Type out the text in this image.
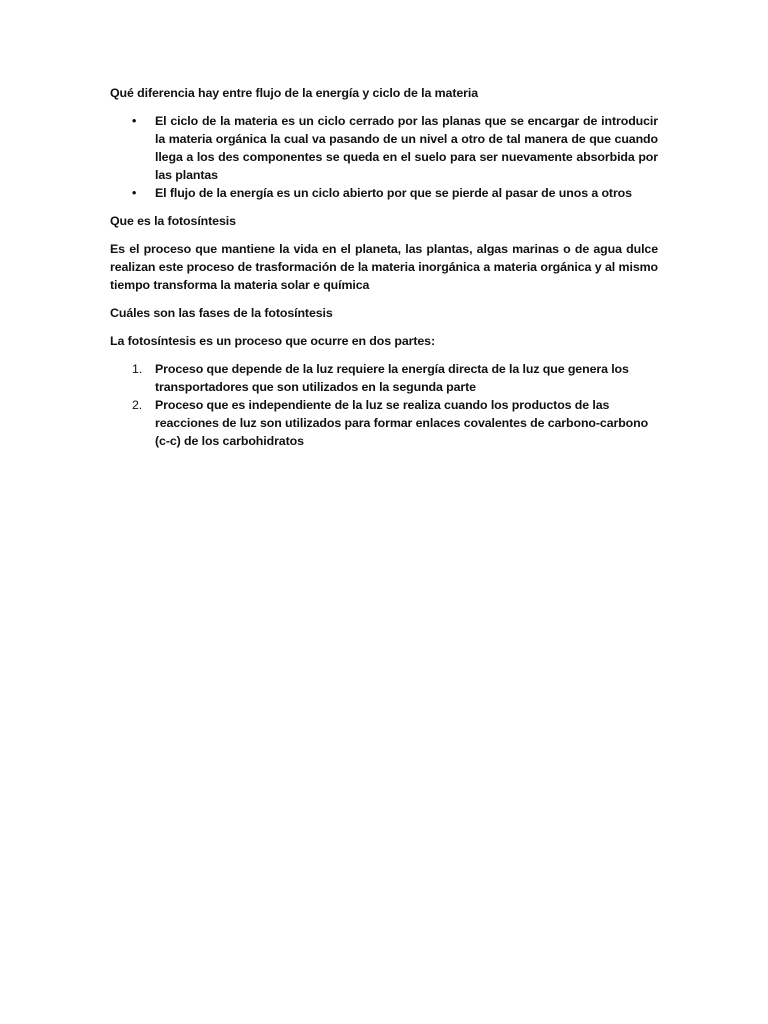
Qué diferencia hay entre flujo de la energía y ciclo de la materia

• El ciclo de la materia es un ciclo cerrado por las planas que se encargar de introducir la materia orgánica la cual va pasando de un nivel a otro de tal manera de que cuando llega a los des componentes se queda en el suelo para ser nuevamente absorbida por las plantas
• El flujo de la energía es un ciclo abierto por que se pierde al pasar de unos a otros

Que es la fotosíntesis

Es el proceso que mantiene la vida en el planeta, las plantas, algas marinas o de agua dulce realizan este proceso de trasformación de la materia inorgánica a materia orgánica y al mismo tiempo transforma la materia solar e química

Cuáles son las fases de la fotosíntesis

La fotosíntesis es un proceso que ocurre en dos partes:

1. Proceso que depende de la luz requiere la energía directa de la luz que genera los transportadores que son utilizados en la segunda parte
2. Proceso que es independiente de la luz se realiza cuando los productos de las reacciones de luz son utilizados para formar enlaces covalentes de carbono-carbono (c-c) de los carbohidratos
